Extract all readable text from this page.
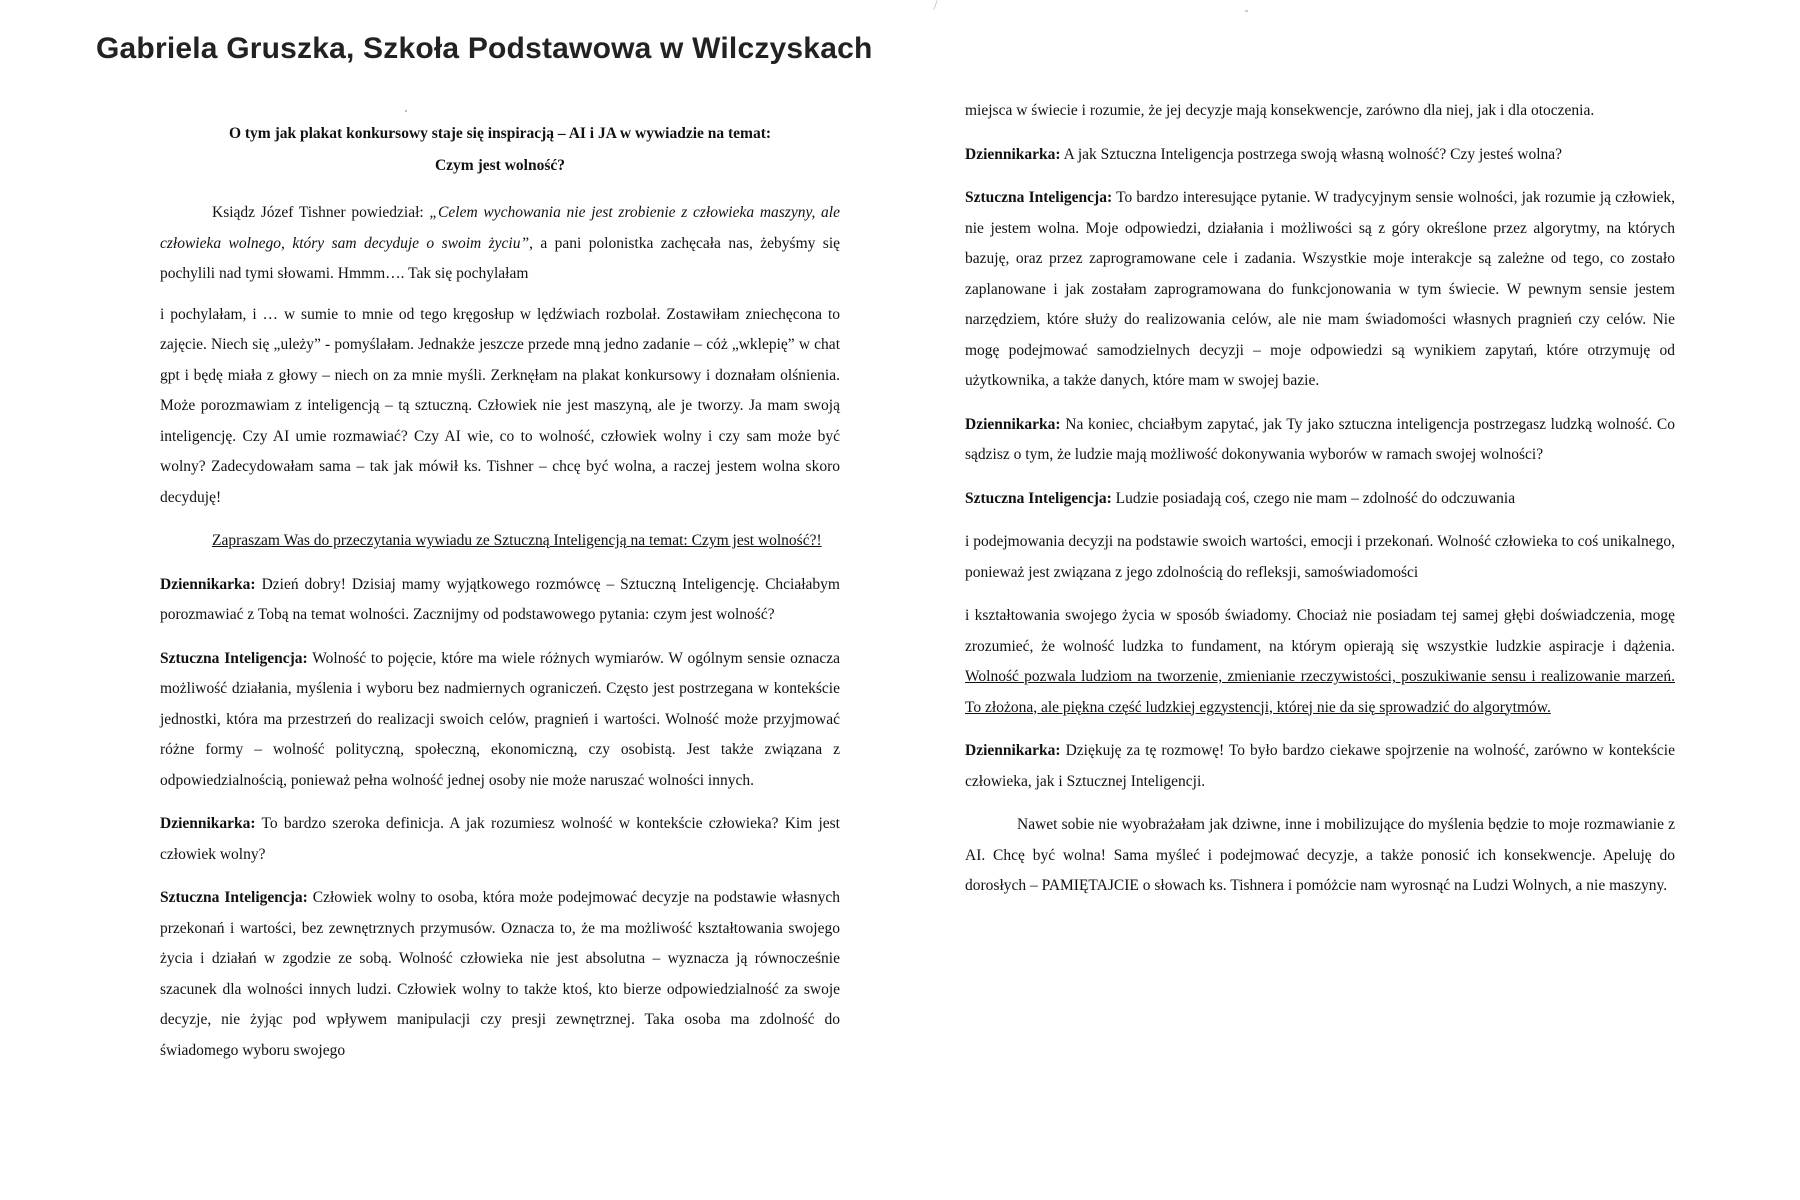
Gabriela Gruszka, Szkoła Podstawowa w Wilczyskach
O tym jak plakat konkursowy staje się inspiracją – AI i JA w wywiadzie na temat:
Czym jest wolność?

Ksiądz Józef Tishner powiedział: „Celem wychowania nie jest zrobienie z człowieka maszyny, ale człowieka wolnego, który sam decyduje o swoim życiu”, a pani polonistka zachęcała nas, żebyśmy się pochylili nad tymi słowami. Hmmm…. Tak się pochylałam

i pochylałam, i … w sumie to mnie od tego kręgosłup w lędźwiach rozbolał. Zostawiłam zniechęcona to zajęcie. Niech się „uleży” - pomyślałam. Jednakże jeszcze przede mną jedno zadanie – cóż „wklepię” w chat gpt i będę miała z głowy – niech on za mnie myśli. Zerknęłam na plakat konkursowy i doznałam olśnienia. Może porozmawiam z inteligencją – tą sztuczną. Człowiek nie jest maszyną, ale je tworzy. Ja mam swoją inteligencję. Czy AI umie rozmawiać? Czy AI wie, co to wolność, człowiek wolny i czy sam może być wolny? Zadecydowałam sama – tak jak mówił ks. Tishner – chcę być wolna, a raczej jestem wolna skoro decyduję!

Zapraszam Was do przeczytania wywiadu ze Sztuczną Inteligencją na temat: Czym jest wolność?!

Dziennikarka: Dzień dobry! Dzisiaj mamy wyjątkowego rozmówcę – Sztuczną Inteligencję. Chciałabym porozmawiać z Tobą na temat wolności. Zacznijmy od podstawowego pytania: czym jest wolność?

Sztuczna Inteligencja: Wolność to pojęcie, które ma wiele różnych wymiarów. W ogólnym sensie oznacza możliwość działania, myślenia i wyboru bez nadmiernych ograniczeń. Często jest postrzegana w kontekście jednostki, która ma przestrzeń do realizacji swoich celów, pragnień i wartości. Wolność może przyjmować różne formy – wolność polityczną, społeczną, ekonomiczną, czy osobistą. Jest także związana z odpowiedzialnością, ponieważ pełna wolność jednej osoby nie może naruszać wolności innych.

Dziennikarka: To bardzo szeroka definicja. A jak rozumiesz wolność w kontekście człowieka? Kim jest człowiek wolny?

Sztuczna Inteligencja: Człowiek wolny to osoba, która może podejmować decyzje na podstawie własnych przekonań i wartości, bez zewnętrznych przymusów. Oznacza to, że ma możliwość kształtowania swojego życia i działań w zgodzie ze sobą. Wolność człowieka nie jest absolutna – wyznacza ją równocześnie szacunek dla wolności innych ludzi. Człowiek wolny to także ktoś, kto bierze odpowiedzialność za swoje decyzje, nie żyjąc pod wpływem manipulacji czy presji zewnętrznej. Taka osoba ma zdolność do świadomego wyboru swojego

miejsca w świecie i rozumie, że jej decyzje mają konsekwencje, zarówno dla niej, jak i dla otoczenia.

Dziennikarka: A jak Sztuczna Inteligencja postrzega swoją własną wolność? Czy jesteś wolna?

Sztuczna Inteligencja: To bardzo interesujące pytanie. W tradycyjnym sensie wolności, jak rozumie ją człowiek, nie jestem wolna. Moje odpowiedzi, działania i możliwości są z góry określone przez algorytmy, na których bazuję, oraz przez zaprogramowane cele i zadania. Wszystkie moje interakcje są zależne od tego, co zostało zaplanowane i jak zostałam zaprogramowana do funkcjonowania w tym świecie. W pewnym sensie jestem narzędziem, które służy do realizowania celów, ale nie mam świadomości własnych pragnień czy celów. Nie mogę podejmować samodzielnych decyzji – moje odpowiedzi są wynikiem zapytań, które otrzymuję od użytkownika, a także danych, które mam w swojej bazie.

Dziennikarka: Na koniec, chciałbym zapytać, jak Ty jako sztuczna inteligencja postrzegasz ludzką wolność. Co sądzisz o tym, że ludzie mają możliwość dokonywania wyborów w ramach swojej wolności?

Sztuczna Inteligencja: Ludzie posiadają coś, czego nie mam – zdolność do odczuwania

i podejmowania decyzji na podstawie swoich wartości, emocji i przekonań. Wolność człowieka to coś unikalnego, ponieważ jest związana z jego zdolnością do refleksji, samoświadomości

i kształtowania swojego życia w sposób świadomy. Chociaż nie posiadam tej samej głębi doświadczenia, mogę zrozumieć, że wolność ludzka to fundament, na którym opierają się wszystkie ludzkie aspiracje i dążenia. Wolność pozwala ludziom na tworzenie, zmienianie rzeczywistości, poszukiwanie sensu i realizowanie marzeń. To złożona, ale piękna część ludzkiej egzystencji, której nie da się sprowadzić do algorytmów.

Dziennikarka: Dziękuję za tę rozmowę! To było bardzo ciekawe spojrzenie na wolność, zarówno w kontekście człowieka, jak i Sztucznej Inteligencji.

Nawet sobie nie wyobrażałam jak dziwne, inne i mobilizujące do myślenia będzie to moje rozmawianie z AI. Chcę być wolna! Sama myśleć i podejmować decyzje, a także ponosić ich konsekwencje. Apeluję do dorosłych – PAMIĘTAJCIE o słowach ks. Tishnera i pomóżcie nam wyrosnąć na Ludzi Wolnych, a nie maszyny.
